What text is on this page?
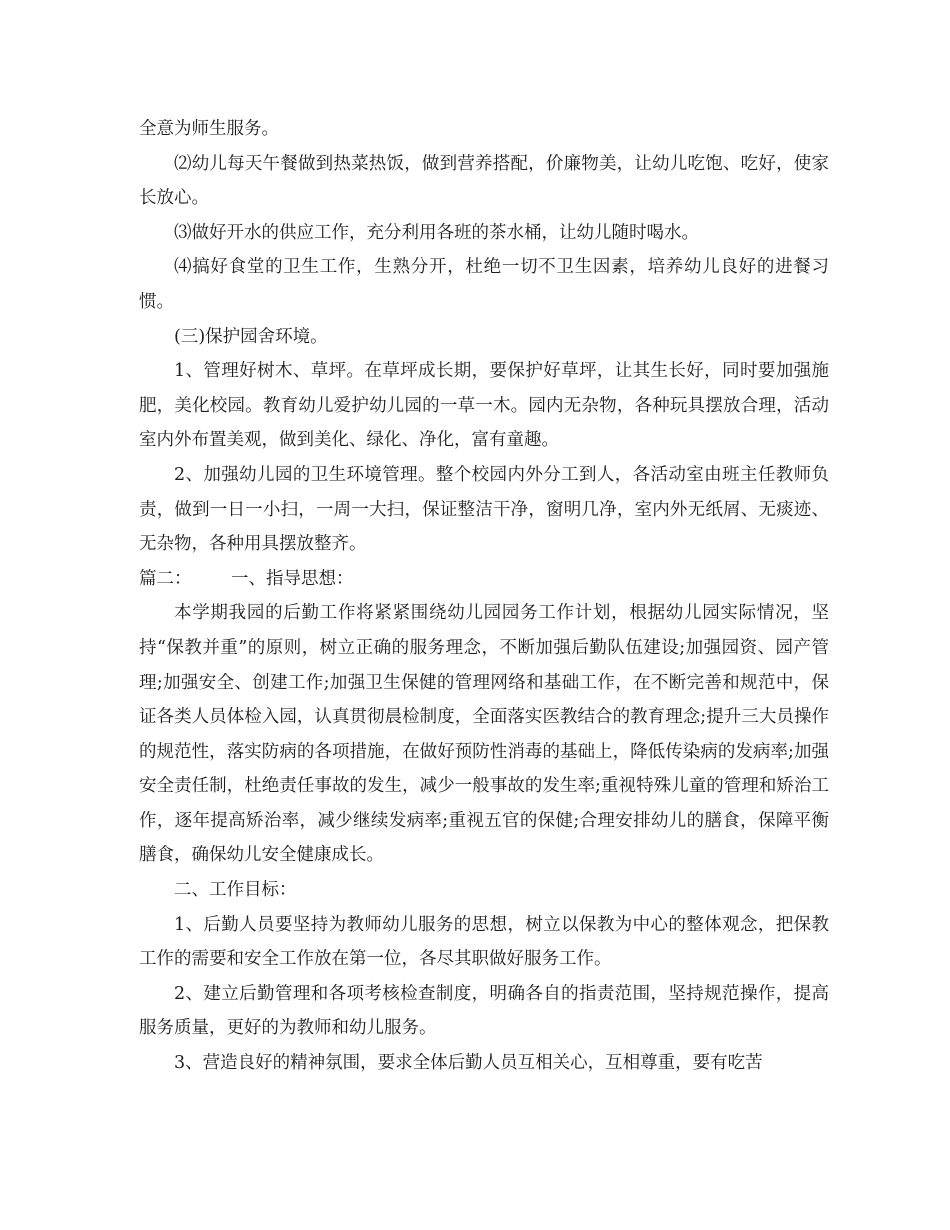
全意为师生服务。

⑵幼儿每天午餐做到热菜热饭，做到营养搭配，价廉物美，让幼儿吃饱、吃好，使家长放心。

⑶做好开水的供应工作，充分利用各班的茶水桶，让幼儿随时喝水。

⑷搞好食堂的卫生工作，生熟分开，杜绝一切不卫生因素，培养幼儿良好的进餐习惯。

(三)保护园舍环境。

1、管理好树木、草坪。在草坪成长期，要保护好草坪，让其生长好，同时要加强施肥，美化校园。教育幼儿爱护幼儿园的一草一木。园内无杂物，各种玩具摆放合理，活动室内外布置美观，做到美化、绿化、净化，富有童趣。

2、加强幼儿园的卫生环境管理。整个校园内外分工到人，各活动室由班主任教师负责，做到一日一小扫，一周一大扫，保证整洁干净，窗明几净，室内外无纸屑、无痰迹、无杂物，各种用具摆放整齐。

篇二：	一、指导思想：

本学期我园的后勤工作将紧紧围绕幼儿园园务工作计划，根据幼儿园实际情况，坚持“保教并重”的原则，树立正确的服务理念，不断加强后勤队伍建设;加强园资、园产管理;加强安全、创建工作;加强卫生保健的管理网络和基础工作，在不断完善和规范中，保证各类人员体检入园，认真贯彻晨检制度，全面落实医教结合的教育理念;提升三大员操作的规范性，落实防病的各项措施，在做好预防性消毒的基础上，降低传染病的发病率;加强安全责任制，杜绝责任事故的发生，减少一般事故的发生率;重视特殊儿童的管理和矫治工作，逐年提高矫治率，减少继续发病率;重视五官的保健;合理安排幼儿的膳食，保障平衡膳食，确保幼儿安全健康成长。

二、工作目标：

1、后勤人员要坚持为教师幼儿服务的思想，树立以保教为中心的整体观念，把保教工作的需要和安全工作放在第一位，各尽其职做好服务工作。

2、建立后勤管理和各项考核检查制度，明确各自的指责范围，坚持规范操作，提高服务质量，更好的为教师和幼儿服务。

3、营造良好的精神氛围，要求全体后勤人员互相关心，互相尊重，要有吃苦
